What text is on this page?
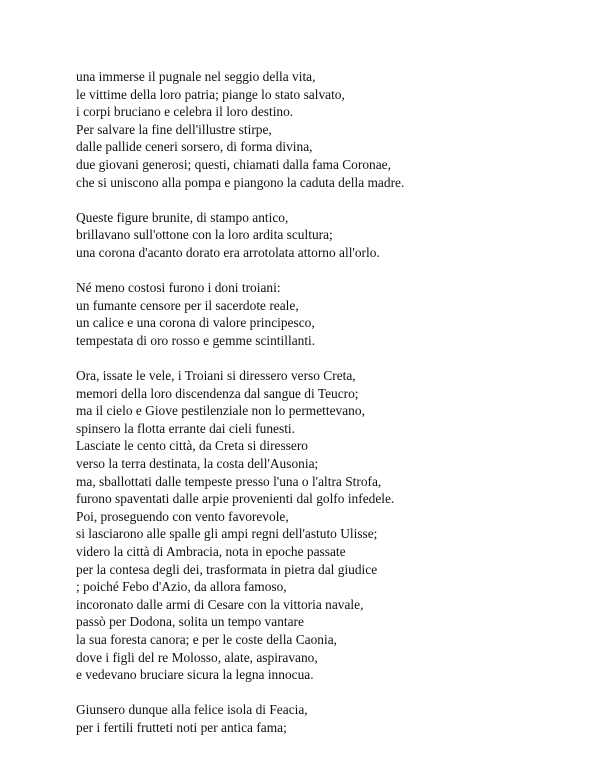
una immerse il pugnale nel seggio della vita,
le vittime della loro patria; piange lo stato salvato,
i corpi bruciano e celebra il loro destino.
Per salvare la fine dell'illustre stirpe,
dalle pallide ceneri sorsero, di forma divina,
due giovani generosi; questi, chiamati dalla fama Coronae,
che si uniscono alla pompa e piangono la caduta della madre.
Queste figure brunite, di stampo antico,
brillavano sull'ottone con la loro ardita scultura;
una corona d'acanto dorato era arrotolata attorno all'orlo.
Né meno costosi furono i doni troiani:
un fumante censore per il sacerdote reale,
un calice e una corona di valore principesco,
tempestata di oro rosso e gemme scintillanti.
Ora, issate le vele, i Troiani si diressero verso Creta,
memori della loro discendenza dal sangue di Teucro;
ma il cielo e Giove pestilenziale non lo permettevano,
spinsero la flotta errante dai cieli funesti.
Lasciate le cento città, da Creta si diressero
verso la terra destinata, la costa dell'Ausonia;
ma, sballottati dalle tempeste presso l'una o l'altra Strofa,
furono spaventati dalle arpie provenienti dal golfo infedele.
Poi, proseguendo con vento favorevole,
si lasciarono alle spalle gli ampi regni dell'astuto Ulisse;
videro la città di Ambracia, nota in epoche passate
per la contesa degli dei, trasformata in pietra dal giudice
; poiché Febo d'Azio, da allora famoso,
incoronato dalle armi di Cesare con la vittoria navale,
passò per Dodona, solita un tempo vantare
la sua foresta canora; e per le coste della Caonia,
dove i figli del re Molosso, alate, aspiravano,
e vedevano bruciare sicura la legna innocua.
Giunsero dunque alla felice isola di Feacia,
per i fertili frutteti noti per antica fama;
